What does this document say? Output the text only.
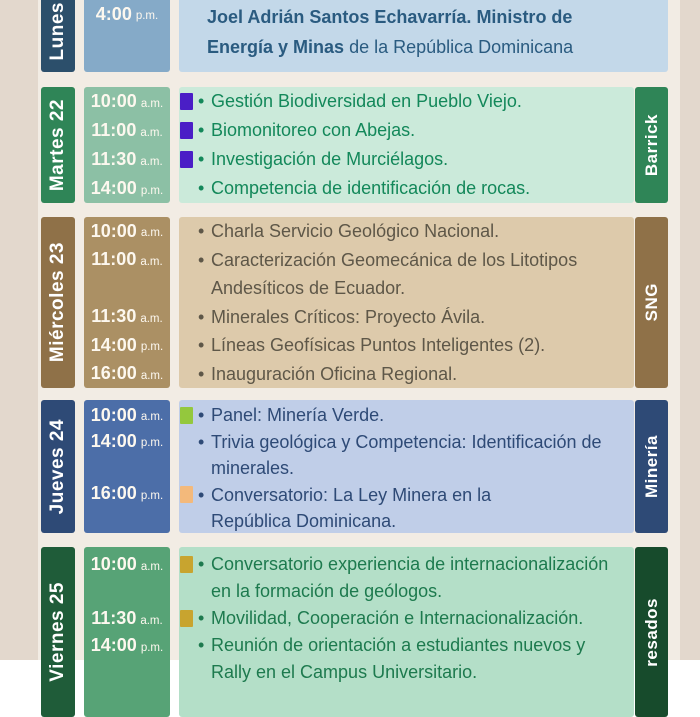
Lunes 4:00 p.m.	Joel Adrián Santos Echavarría. Ministro de
Energía y Minas de la República Dominicana
Martes 22 10:00 a.m.
11:00 a.m.
11:30 a.m.
14:00 p.m.
• Gestión Biodiversidad en Pueblo Viejo.
• Biomonitoreo con Abejas.
• Investigación de Murciélagos.
• Competencia de identificación de rocas.
Barrick
Miércoles 23
10:00 a.m.
11:00 a.m.
11:30 a.m.
14:00 p.m.
16:00 a.m.
• Charla Servicio Geológico Nacional.
• Caracterización Geomecánica de los Litotipos
Andesíticos de Ecuador.
• Minerales Críticos: Proyecto Ávila.
• Líneas Geofísicas Puntos Inteligentes (2).
• Inauguración Oficina Regional.
SNG
Jueves 24
10:00 a.m.
14:00 p.m.
16:00 p.m.
• Panel: Minería Verde.
• Trivia geológica y Competencia: Identificación de
minerales.
• Conversatorio: La Ley Minera en la
República Dominicana.
Minería
Viernes 25
10:00 a.m.
11:30 a.m.
14:00 p.m.
• Conversatorio experiencia de internacionalización
en la formación de geólogos.
• Movilidad, Cooperación e Internacionalización.
• Reunión de orientación a estudiantes nuevos y
Rally en el Campus Universitario.
resados
